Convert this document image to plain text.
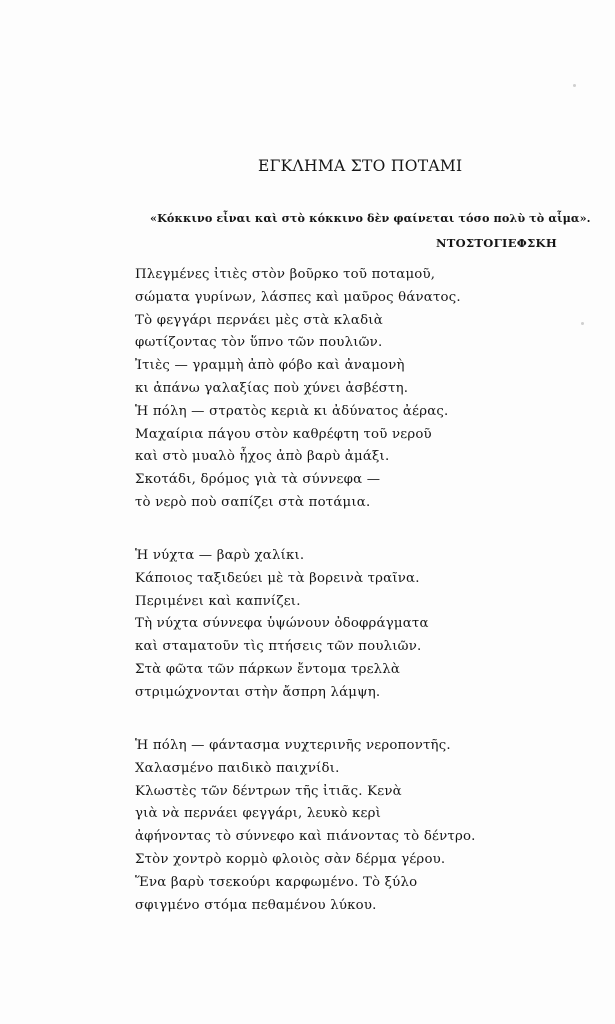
ΕΓΚΛΗΜΑ ΣΤΟ ΠΟΤΑΜΙ
«Κόκκινο εἶναι καὶ στὸ κόκκινο δὲν φαίνεται τόσο πολὺ τὸ αἷμα».
ΝΤΟΣΤΟΓΙΕΦΣΚΗ
Πλεγμένες ἰτιὲς στὸν βοῦρκο τοῦ ποταμοῦ,
σώματα γυρίνων, λάσπες καὶ μαῦρος θάνατος.
Τὸ φεγγάρι περνάει μὲς στὰ κλαδιὰ
φωτίζοντας τὸν ὕπνο τῶν πουλιῶν.
Ἰτιὲς — γραμμὴ ἀπὸ φόβο καὶ ἀναμονὴ
κι ἀπάνω γαλαξίας ποὺ χύνει ἀσβέστη.
Ἡ πόλη — στρατὸς κεριὰ κι ἀδύνατος ἀέρας.
Μαχαίρια πάγου στὸν καθρέφτη τοῦ νεροῦ
καὶ στὸ μυαλὸ ἦχος ἀπὸ βαρὺ ἀμάξι.
Σκοτάδι, δρόμος γιὰ τὰ σύννεφα —
τὸ νερὸ ποὺ σαπίζει στὰ ποτάμια.
Ἡ νύχτα — βαρὺ χαλίκι.
Κάποιος ταξιδεύει μὲ τὰ βορεινὰ τραῖνα.
Περιμένει καὶ καπνίζει.
Τὴ νύχτα σύννεφα ὑψώνουν ὀδοφράγματα
καὶ σταματοῦν τὶς πτήσεις τῶν πουλιῶν.
Στὰ φῶτα τῶν πάρκων ἔντομα τρελλὰ
στριμώχνονται στὴν ἄσπρη λάμψη.
Ἡ πόλη — φάντασμα νυχτερινῆς νεροποντῆς.
Χαλασμένο παιδικὸ παιχνίδι.
Κλωστὲς τῶν δέντρων τῆς ἰτιᾶς. Κενὰ
γιὰ νὰ περνάει φεγγάρι, λευκὸ κερὶ
ἀφήνοντας τὸ σύννεφο καὶ πιάνοντας τὸ δέντρο.
Στὸν χοντρὸ κορμὸ φλοιὸς σὰν δέρμα γέρου.
Ἕνα βαρὺ τσεκούρι καρφωμένο. Τὸ ξύλο
σφιγμένο στόμα πεθαμένου λύκου.
